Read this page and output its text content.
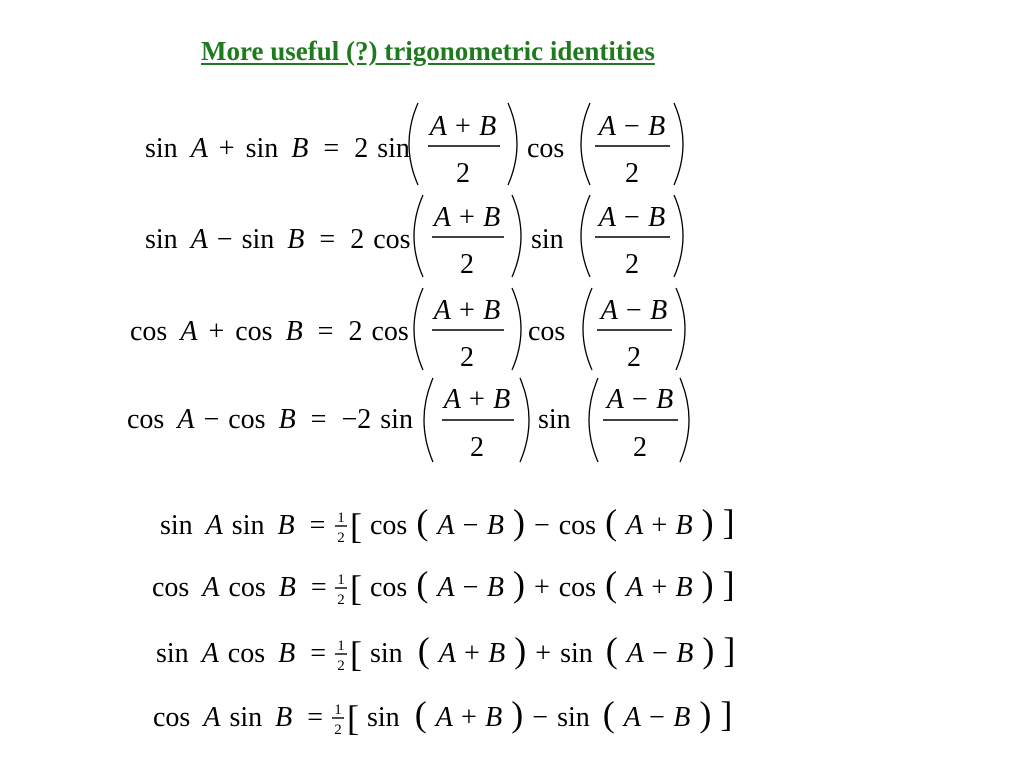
More useful (?) trigonometric identities
sin A + sin B = 2 sin
A + B
2
cos
A − B
2
sin A − sin B = 2 cos
A + B
2
sin
A − B
2
cos A + cos B = 2 cos
A + B
2
cos
A − B
2
cos A − cos B = −2 sin
A + B
2
sin
A − B
2
sin A sin B = 1
2 [ cos ( A − B ) − cos ( A + B ) ]
cos A cos B = 1
2 [ cos ( A − B ) + cos ( A + B ) ]
sin A cos B = 1
2 [ sin ( A + B ) + sin ( A − B ) ]
cos A sin B = 1
2 [ sin ( A + B ) − sin ( A − B ) ]
